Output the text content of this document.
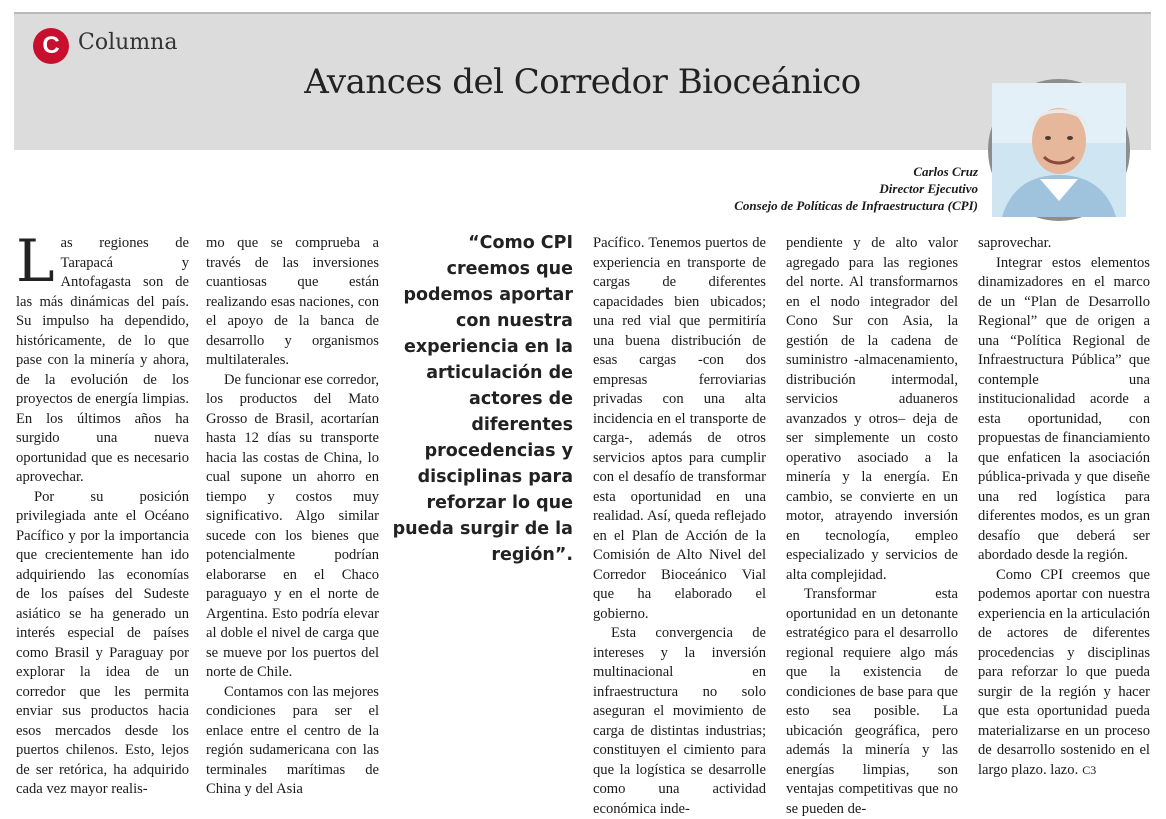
C Columna
Avances del Corredor Bioceánico
Carlos Cruz
Director Ejecutivo
Consejo de Políticas de Infraestructura (CPI)

Las regiones de Tarapacá y Antofagasta son de las más dinámicas del país. Su impulso ha dependido, históricamente, de lo que pase con la minería y ahora, de la evolución de los proyectos de energía limpias. En los últimos años ha surgido una nueva oportunidad que es necesario aprovechar.

Por su posición privilegiada ante el Océano Pacífico y por la importancia que crecientemente han ido adquiriendo las economías de los países del Sudeste asiático se ha generado un interés especial de países como Brasil y Paraguay por explorar la idea de un corredor que les permita enviar sus productos hacia esos mercados desde los puertos chilenos. Esto, lejos de ser retórica, ha adquirido cada vez mayor realis-

mo que se comprueba a través de las inversiones cuantiosas que están realizando esas naciones, con el apoyo de la banca de desarrollo y organismos multilaterales.

De funcionar ese corredor, los productos del Mato Grosso de Brasil, acortarían hasta 12 días su transporte hacia las costas de China, lo cual supone un ahorro en tiempo y costos muy significativo. Algo similar sucede con los bienes que potencialmente podrían elaborarse en el Chaco paraguayo y en el norte de Argentina. Esto podría elevar al doble el nivel de carga que se mueve por los puertos del norte de Chile.

Contamos con las mejores condiciones para ser el enlace entre el centro de la región sudamericana con las terminales marítimas de China y del Asia

“Como CPI creemos que podemos aportar con nuestra experiencia en la articulación de actores de diferentes procedencias y disciplinas para reforzar lo que pueda surgir de la región”.

Pacífico. Tenemos puertos de experiencia en transporte de cargas de diferentes capacidades bien ubicados; una red vial que permitiría una buena distribución de esas cargas -con dos empresas ferroviarias privadas con una alta incidencia en el transporte de carga-, además de otros servicios aptos para cumplir con el desafío de transformar esta oportunidad en una realidad. Así, queda reflejado en el Plan de Acción de la Comisión de Alto Nivel del Corredor Bioceánico Vial que ha elaborado el gobierno.

Esta convergencia de intereses y la inversión multinacional en infraestructura no solo aseguran el movimiento de carga de distintas industrias; constituyen el cimiento para que la logística se desarrolle como una actividad económica inde-

pendiente y de alto valor agregado para las regiones del norte. Al transformarnos en el nodo integrador del Cono Sur con Asia, la gestión de la cadena de suministro -almacenamiento, distribución intermodal, servicios aduaneros avanzados y otros– deja de ser simplemente un costo operativo asociado a la minería y la energía. En cambio, se convierte en un motor, atrayendo inversión en tecnología, empleo especializado y servicios de alta complejidad.

Transformar esta oportunidad en un detonante estratégico para el desarrollo regional requiere algo más que la existencia de condiciones de base para que esto sea posible. La ubicación geográfica, pero además la minería y las energías limpias, son ventajas competitivas que no se pueden de-

saprovechar.

Integrar estos elementos dinamizadores en el marco de un “Plan de Desarrollo Regional” que de origen a una “Política Regional de Infraestructura Pública” que contemple una institucionalidad acorde a esta oportunidad, con propuestas de financiamiento que enfaticen la asociación pública-privada y que diseñe una red logística para diferentes modos, es un gran desafío que deberá ser abordado desde la región.

Como CPI creemos que podemos aportar con nuestra experiencia en la articulación de actores de diferentes procedencias y disciplinas para reforzar lo que pueda surgir de la región y hacer que esta oportunidad pueda materializarse en un proceso de desarrollo sostenido en el largo plazo. lazo. C3
